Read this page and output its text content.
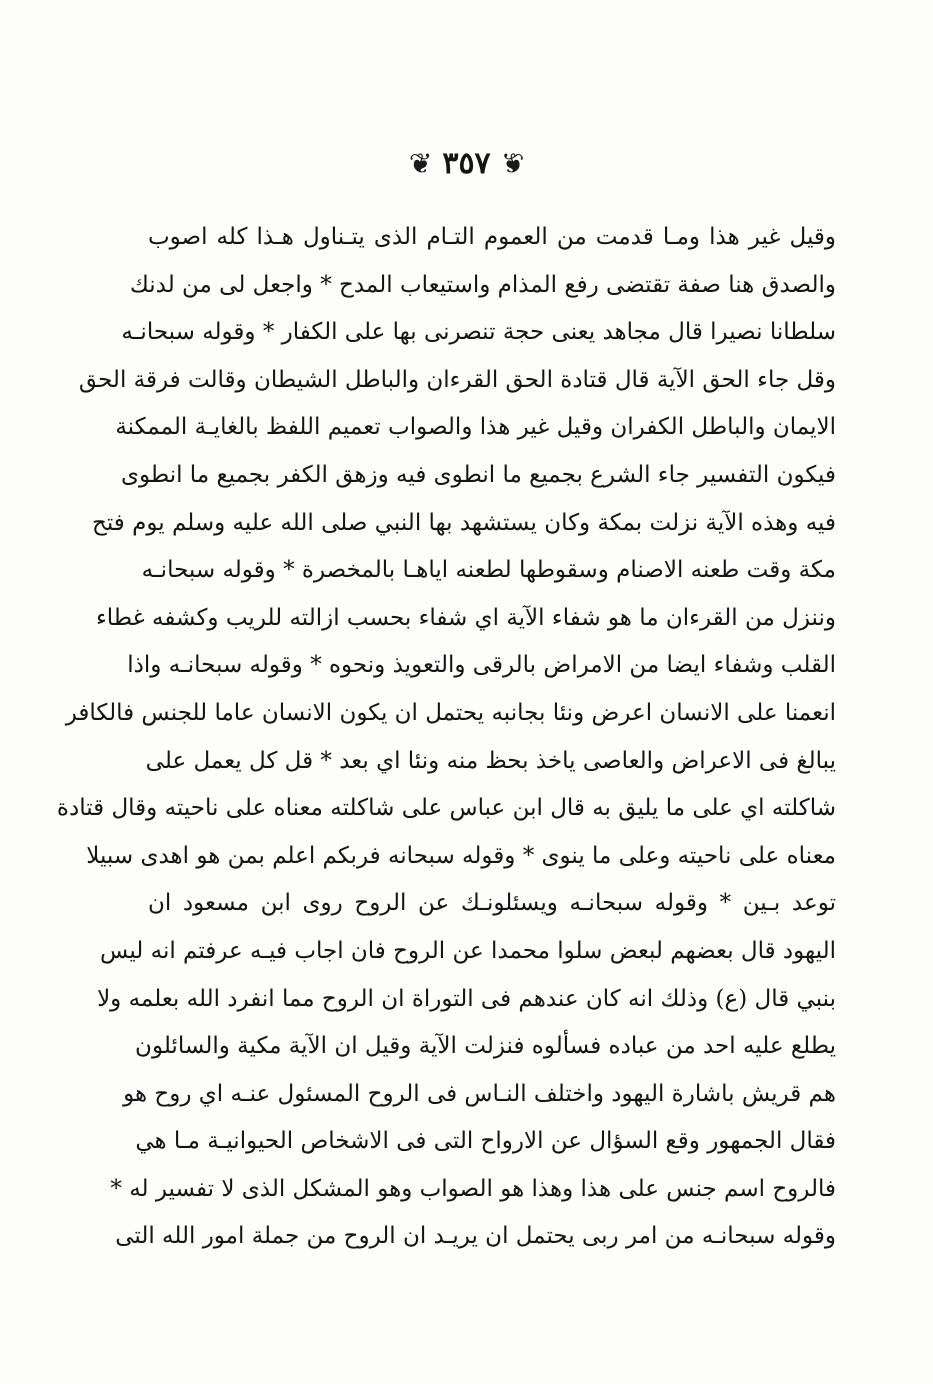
❦ ٣٥٧ ❦
وقيل غير هذا ومـا قدمت من العموم التـام الذى يتـناول هـذا كله اصوب
والصدق هنا صفة تقتضى رفع المذام واستيعاب المدح * واجعل لى من لدنك
سلطانا نصيرا قال مجاهد يعنى حجة تنصرنى بها على الكفار * وقوله سبحانـه
وقل جاء الحق الآية قال قتادة الحق القرءان والباطل الشيطان وقالت فرقة الحق
الايمان والباطل الكفران وقيل غير هذا والصواب تعميم اللفظ بالغايـة الممكنة
فيكون التفسير جاء الشرع بجميع ما انطوى فيه وزهق الكفر بجميع ما انطوى
فيه وهذه الآية نزلت بمكة وكان يستشهد بها النبي صلى الله عليه وسلم يوم فتح
مكة وقت طعنه الاصنام وسقوطها لطعنه اياهـا بالمخصرة * وقوله سبحانـه
وننزل من القرءان ما هو شفاء الآية اي شفاء بحسب ازالته للريب وكشفه غطاء
القلب وشفاء ايضا من الامراض بالرقى والتعويذ ونحوه * وقوله سبحانـه واذا
انعمنا على الانسان اعرض ونئا بجانبه يحتمل ان يكون الانسان عاما للجنس فالكافر
يبالغ فى الاعراض والعاصى ياخذ بحظ منه ونئا اي بعد * قل كل يعمل على
شاكلته اي على ما يليق به قال ابن عباس على شاكلته معناه على ناحيته وقال قتادة
معناه على ناحيته وعلى ما ينوى * وقوله سبحانه فربكم اعلم بمن هو اهدى سبيلا
توعد بـين * وقوله سبحانـه ويسئلونـك عن الروح روى ابن مسعود ان
اليهود قال بعضهم لبعض سلوا محمدا عن الروح فان اجاب فيـه عرفتم انه ليس
بنبي قال (ع) وذلك انه كان عندهم فى التوراة ان الروح مما انفرد الله بعلمه ولا
يطلع عليه احد من عباده فسألوه فنزلت الآية وقيل ان الآية مكية والسائلون
هم قريش باشارة اليهود واختلف النـاس فى الروح المسئول عنـه اي روح هو
فقال الجمهور وقع السؤال عن الارواح التى فى الاشخاص الحيوانيـة مـا هي
فالروح اسم جنس على هذا وهذا هو الصواب وهو المشكل الذى لا تفسير له *
وقوله سبحانـه من امر ربى يحتمل ان يريـد ان الروح من جملة امور الله التى
